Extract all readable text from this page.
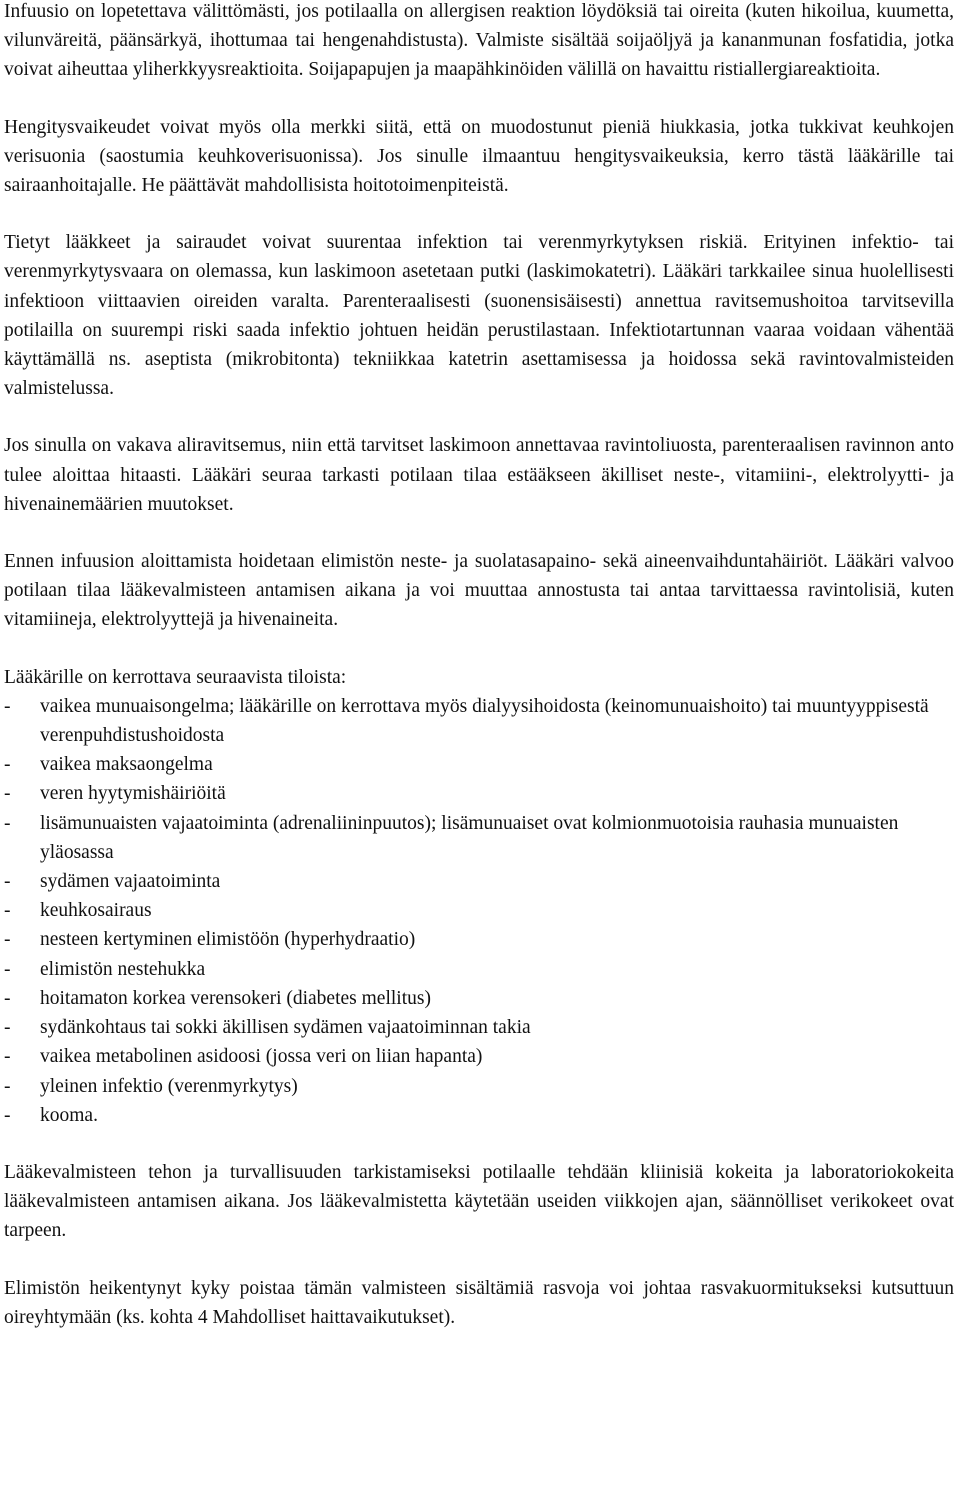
Infuusio on lopetettava välittömästi, jos potilaalla on allergisen reaktion löydöksiä tai oireita (kuten hikoilua, kuumetta, vilunväreitä, päänsärkyä, ihottumaa tai hengenahdistusta). Valmiste sisältää soijaöljyä ja kananmunan fosfatidia, jotka voivat aiheuttaa yliherkkyysreaktioita. Soijapapujen ja maapähkinöiden välillä on havaittu ristiallergiareaktioita.

Hengitysvaikeudet voivat myös olla merkki siitä, että on muodostunut pieniä hiukkasia, jotka tukkivat keuhkojen verisuonia (saostumia keuhkoverisuonissa). Jos sinulle ilmaantuu hengitysvaikeuksia, kerro tästä lääkärille tai sairaanhoitajalle. He päättävät mahdollisista hoitotoimenpiteistä.

Tietyt lääkkeet ja sairaudet voivat suurentaa infektion tai verenmyrkytyksen riskiä. Erityinen infektio- tai verenmyrkytysvaara on olemassa, kun laskimoon asetetaan putki (laskimokatetri). Lääkäri tarkkailee sinua huolellisesti infektioon viittaavien oireiden varalta. Parenteraalisesti (suonensisäisesti) annettua ravitsemushoitoa tarvitsevilla potilailla on suurempi riski saada infektio johtuen heidän perustilastaan. Infektiotartunnan vaaraa voidaan vähentää käyttämällä ns. aseptista (mikrobitonta) tekniikkaa katetrin asettamisessa ja hoidossa sekä ravintovalmisteiden valmistelussa.

Jos sinulla on vakava aliravitsemus, niin että tarvitset laskimoon annettavaa ravintoliuosta, parenteraalisen ravinnon anto tulee aloittaa hitaasti. Lääkäri seuraa tarkasti potilaan tilaa estääkseen äkilliset neste-, vitamiini-, elektrolyytti- ja hivenainemäärien muutokset.

Ennen infuusion aloittamista hoidetaan elimistön neste- ja suolatasapaino- sekä aineenvaihduntahäiriöt. Lääkäri valvoo potilaan tilaa lääkevalmisteen antamisen aikana ja voi muuttaa annostusta tai antaa tarvittaessa ravintolisiä, kuten vitamiineja, elektrolyyttejä ja hivenaineita.

Lääkärille on kerrottava seuraavista tiloista:

- vaikea munuaisongelma; lääkärille on kerrottava myös dialyysihoidosta (keinomunuaishoito) tai muuntyyppisestä verenpuhdistushoidosta
- vaikea maksaongelma
- veren hyytymishäiriöitä
- lisämunuaisten vajaatoiminta (adrenaliininpuutos); lisämunuaiset ovat kolmionmuotoisia rauhasia munuaisten yläosassa
- sydämen vajaatoiminta
- keuhkosairaus
- nesteen kertyminen elimistöön (hyperhydraatio)
- elimistön nestehukka
- hoitamaton korkea verensokeri (diabetes mellitus)
- sydänkohtaus tai sokki äkillisen sydämen vajaatoiminnan takia
- vaikea metabolinen asidoosi (jossa veri on liian hapanta)
- yleinen infektio (verenmyrkytys)
- kooma.

Lääkevalmisteen tehon ja turvallisuuden tarkistamiseksi potilaalle tehdään kliinisiä kokeita ja laboratoriokokeita lääkevalmisteen antamisen aikana. Jos lääkevalmistetta käytetään useiden viikkojen ajan, säännölliset verikokeet ovat tarpeen.

Elimistön heikentynyt kyky poistaa tämän valmisteen sisältämiä rasvoja voi johtaa rasvakuormitukseksi kutsuttuun oireyhtymään (ks. kohta 4 Mahdolliset haittavaikutukset).
